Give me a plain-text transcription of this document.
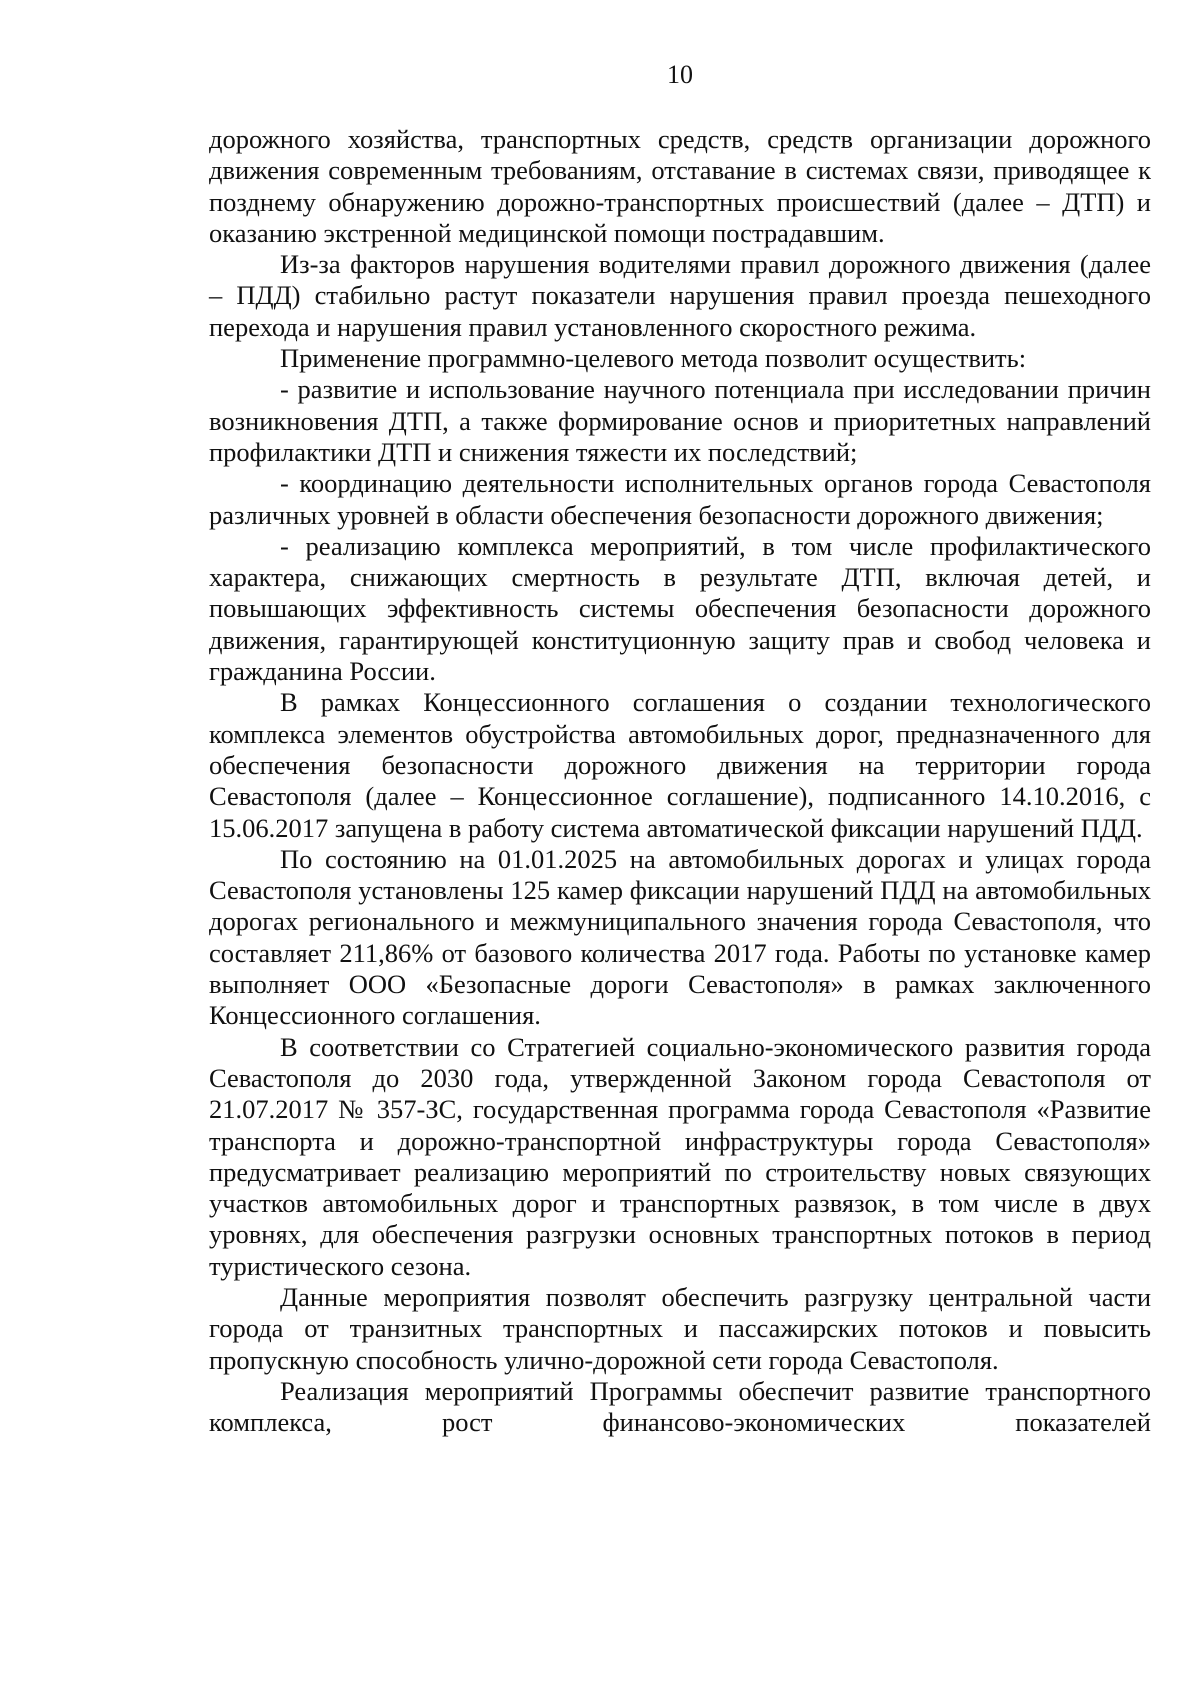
10

дорожного хозяйства, транспортных средств, средств организации дорожного движения современным требованиям, отставание в системах связи, приводящее к позднему обнаружению дорожно-транспортных происшествий (далее – ДТП) и оказанию экстренной медицинской помощи пострадавшим.

Из-за факторов нарушения водителями правил дорожного движения (далее – ПДД) стабильно растут показатели нарушения правил проезда пешеходного перехода и нарушения правил установленного скоростного режима.

Применение программно-целевого метода позволит осуществить:

- развитие и использование научного потенциала при исследовании причин возникновения ДТП, а также формирование основ и приоритетных направлений профилактики ДТП и снижения тяжести их последствий;

- координацию деятельности исполнительных органов города Севастополя различных уровней в области обеспечения безопасности дорожного движения;

- реализацию комплекса мероприятий, в том числе профилактического характера, снижающих смертность в результате ДТП, включая детей, и повышающих эффективность системы обеспечения безопасности дорожного движения, гарантирующей конституционную защиту прав и свобод человека и гражданина России.

В рамках Концессионного соглашения о создании технологического комплекса элементов обустройства автомобильных дорог, предназначенного для обеспечения безопасности дорожного движения на территории города Севастополя (далее – Концессионное соглашение), подписанного 14.10.2016, с 15.06.2017 запущена в работу система автоматической фиксации нарушений ПДД.

По состоянию на 01.01.2025 на автомобильных дорогах и улицах города Севастополя установлены 125 камер фиксации нарушений ПДД на автомобильных дорогах регионального и межмуниципального значения города Севастополя, что составляет 211,86% от базового количества 2017 года. Работы по установке камер выполняет ООО «Безопасные дороги Севастополя» в рамках заключенного Концессионного соглашения.

В соответствии со Стратегией социально-экономического развития города Севастополя до 2030 года, утвержденной Законом города Севастополя от 21.07.2017 № 357-ЗС, государственная программа города Севастополя «Развитие транспорта и дорожно-транспортной инфраструктуры города Севастополя» предусматривает реализацию мероприятий по строительству новых связующих участков автомобильных дорог и транспортных развязок, в том числе в двух уровнях, для обеспечения разгрузки основных транспортных потоков в период туристического сезона.

Данные мероприятия позволят обеспечить разгрузку центральной части города от транзитных транспортных и пассажирских потоков и повысить пропускную способность улично-дорожной сети города Севастополя.

Реализация мероприятий Программы обеспечит развитие транспортного комплекса, рост финансово-экономических показателей
